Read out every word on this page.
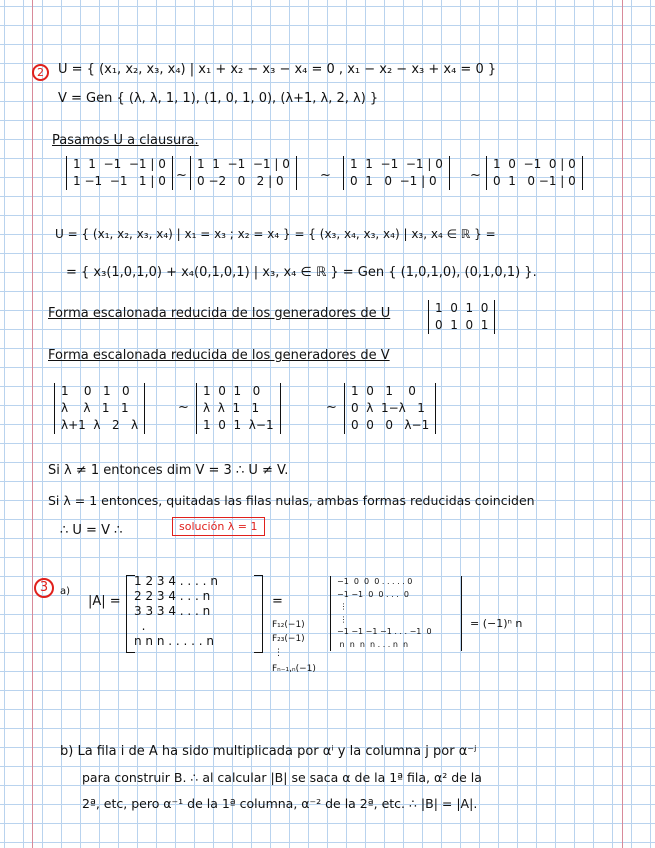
2	U = { (x₁, x₂, x₃, x₄) | x₁ + x₂ − x₃ − x₄ = 0 , x₁ − x₂ − x₃ + x₄ = 0 }
V = Gen { (λ, λ, 1, 1), (1, 0, 1, 0), (λ+1, λ, 2, λ) }
Pasamos U a clausura.
1  1  −1  −1 | 0
1 −1  −1   1 | 0 ~
1  1  −1  −1 | 0
0 −2   0   2 | 0	~
1  1  −1  −1 | 0
0  1   0  −1 | 0	~
1  0  −1  0 | 0
0  1   0 −1 | 0
U = { (x₁, x₂, x₃, x₄) | x₁ = x₃ ; x₂ = x₄ } = { (x₃, x₄, x₃, x₄) | x₃, x₄ ∈ ℝ } =
= { x₃(1,0,1,0) + x₄(0,1,0,1) | x₃, x₄ ∈ ℝ } = Gen { (1,0,1,0), (0,1,0,1) }.
Forma escalonada reducida de los generadores de U	1  0  1  0
0  1  0  1
Forma escalonada reducida de los generadores de V
1    0   1   0
λ    λ   1   1
λ+1  λ   2   λ
~
1  0  1   0
λ  λ  1   1
1  0  1  λ−1
~
1  0   1    0
0  λ  1−λ   1
0  0   0   λ−1
Si λ ≠ 1 entonces dim V = 3 ∴ U ≠ V.
Si λ = 1 entonces, quitadas las filas nulas, ambas formas reducidas coinciden
∴ U = V ∴	solución λ = 1
3	a)
|A| =
1 2 3 4 . . . . n
2 2 3 4 . . . n
3 3 3 4 . . . n
.
n n n . . . . . n
=
F₁₂(−1)
F₂₃(−1)
⋮
Fₙ₋₁,ₙ(−1)
−1  0  0  0 . . . . . 0
−1 −1  0  0 . . .  0
⋮
⋮
−1 −1 −1 −1 . . . −1  0
n  n  n  n . . . n  n
= (−1)ⁿ n
b) La fila i de A ha sido multiplicada por αⁱ y la columna j por α⁻ʲ
para construir B. ∴ al calcular |B| se saca α de la 1ª fila, α² de la
2ª, etc, pero α⁻¹ de la 1ª columna, α⁻² de la 2ª, etc. ∴ |B| = |A|.
